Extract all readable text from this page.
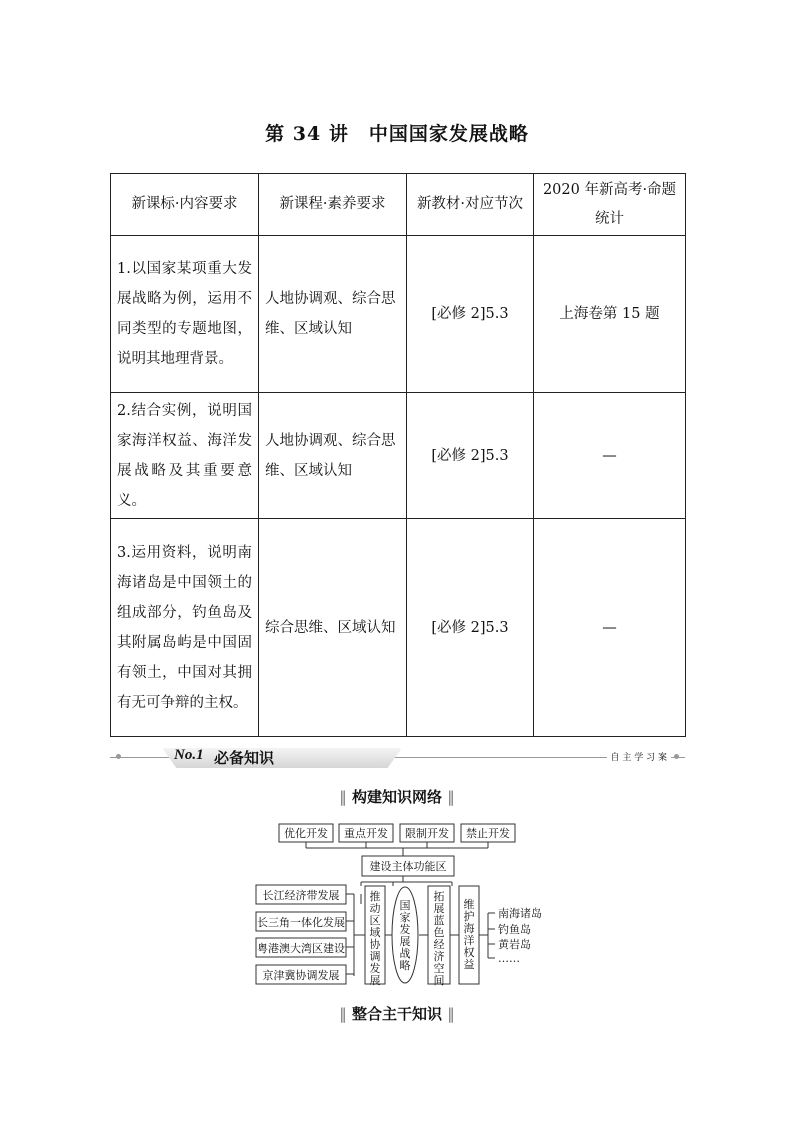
第 34 讲　中国国家发展战略
新课标·内容要求	新课程·素养要求	新教材·对应节次	2020 年新高考·命题统计
1.以国家某项重大发展战略为例，运用不同类型的专题地图，说明其地理背景。	人地协调观、综合思维、区域认知	[必修 2]5.3	上海卷第 15 题
2.结合实例，说明国家海洋权益、海洋发展战略及其重要意义。	人地协调观、综合思维、区域认知	[必修 2]5.3	—
3.运用资料，说明南海诸岛是中国领土的组成部分，钓鱼岛及其附属岛屿是中国固有领土，中国对其拥有无可争辩的主权。	综合思维、区域认知	[必修 2]5.3	—
No.1 必备知识	自 主 学 习 案
‖ 构建知识网络 ‖
优化开发 重点开发 限制开发 禁止开发
建设主体功能区
长江经济带发展
长三角一体化发展
粤港澳大湾区建设
京津冀协调发展
推动区域协调发展
国家发展战略
拓展蓝色经济空间
维护海洋权益
南海诸岛
钓鱼岛
黄岩岛
……
‖ 整合主干知识 ‖
